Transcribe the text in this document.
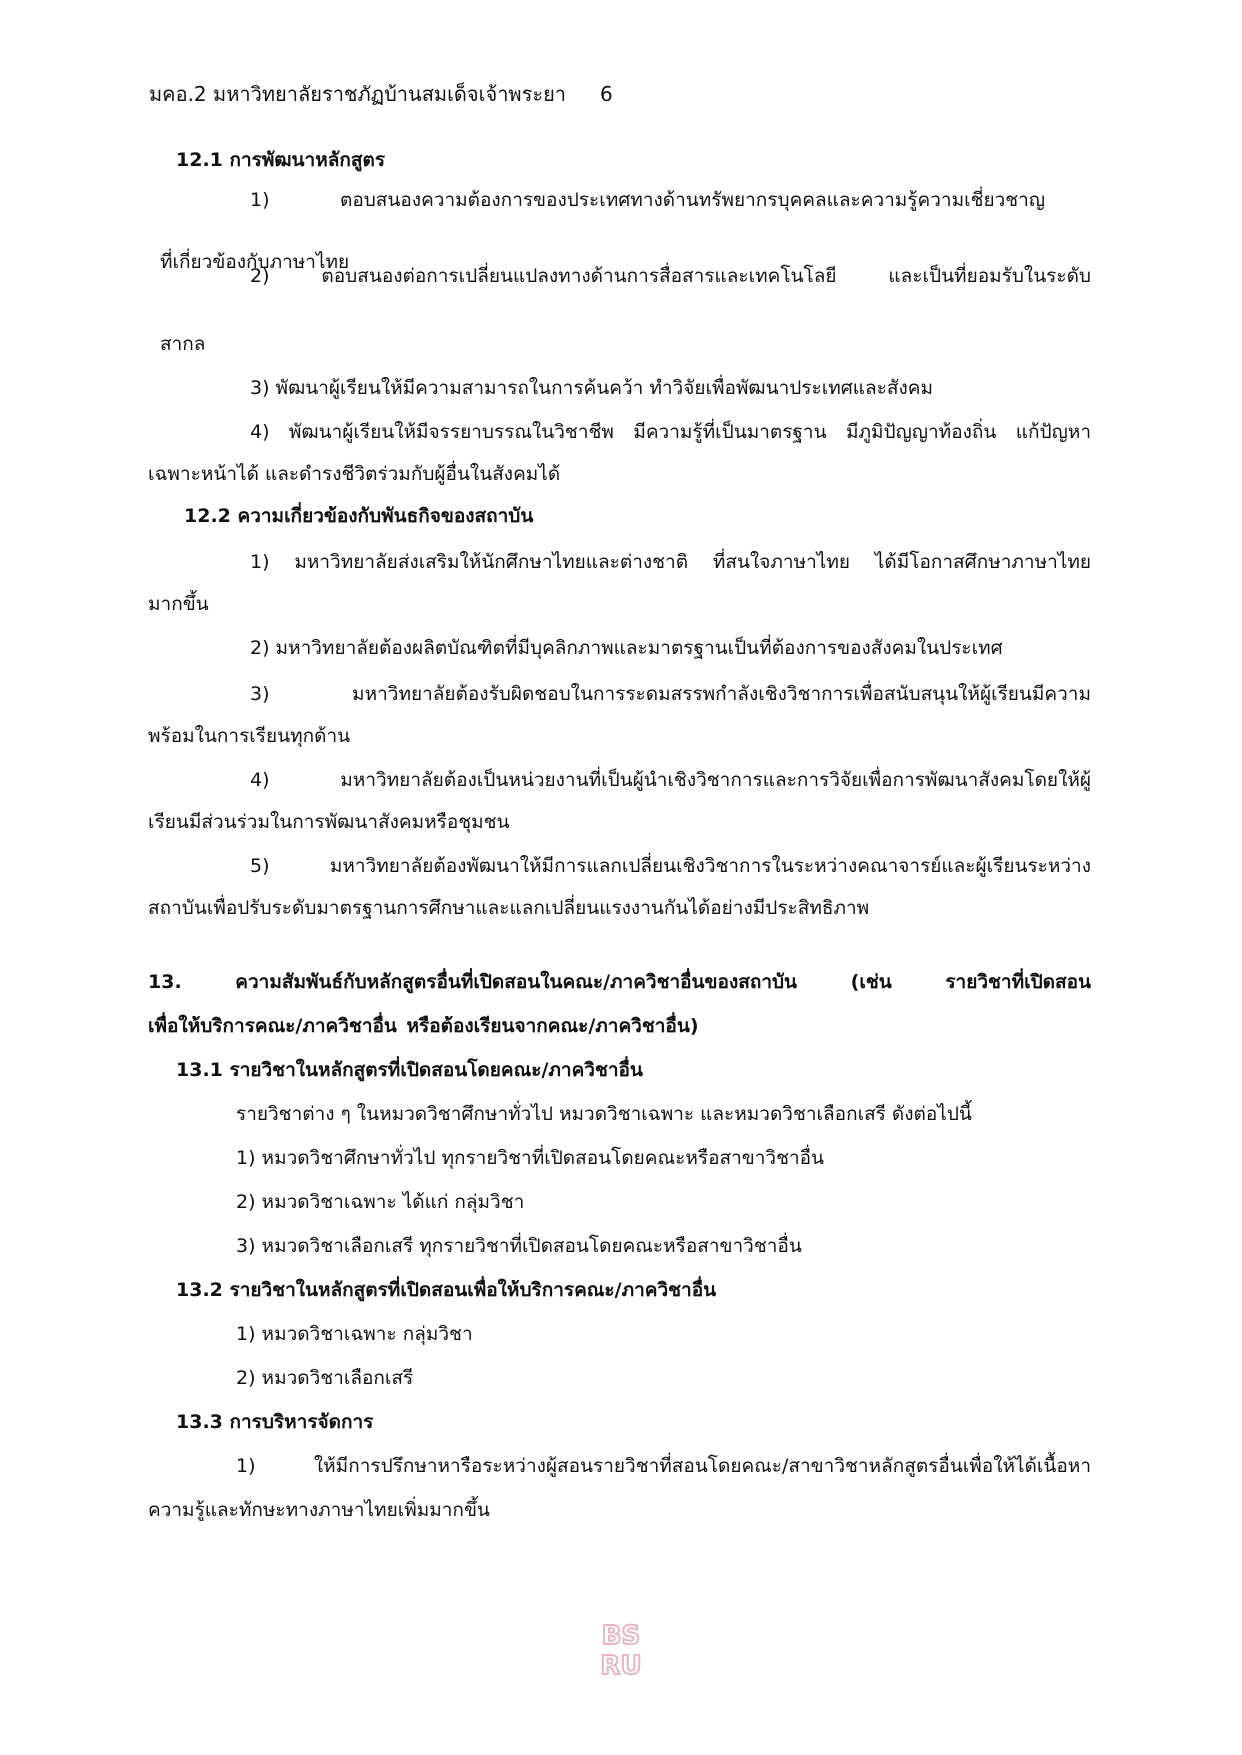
มคอ.2 มหาวิทยาลัยราชภัฏบ้านสมเด็จเจ้าพระยา 6
12.1 การพัฒนาหลักสูตร
1)	ตอบสนองความต้องการของประเทศทางด้านทรัพยากรบุคคลและความรู้ความเชี่ยวชาญ
ที่เกี่ยวข้องกับภาษาไทย
2) ตอบสนองต่อการเปลี่ยนแปลงทางด้านการสื่อสารและเทคโนโลยี และเป็นที่ยอมรับในระดับ
สากล
3) พัฒนาผู้เรียนให้มีความสามารถในการค้นคว้า ทำวิจัยเพื่อพัฒนาประเทศและสังคม
4) พัฒนาผู้เรียนให้มีจรรยาบรรณในวิชาชีพ มีความรู้ที่เป็นมาตรฐาน มีภูมิปัญญาท้องถิ่น แก้ปัญหา
เฉพาะหน้าได้ และดำรงชีวิตร่วมกับผู้อื่นในสังคมได้
12.2 ความเกี่ยวข้องกับพันธกิจของสถาบัน
1) มหาวิทยาลัยส่งเสริมให้นักศึกษาไทยและต่างชาติ ที่สนใจภาษาไทย ได้มีโอกาสศึกษาภาษาไทย
มากขึ้น
2) มหาวิทยาลัยต้องผลิตบัณฑิตที่มีบุคลิกภาพและมาตรฐานเป็นที่ต้องการของสังคมในประเทศ
3) มหาวิทยาลัยต้องรับผิดชอบในการระดมสรรพกำลังเชิงวิชาการเพื่อสนับสนุนให้ผู้เรียนมีความ
พร้อมในการเรียนทุกด้าน
4) มหาวิทยาลัยต้องเป็นหน่วยงานที่เป็นผู้นำเชิงวิชาการและการวิจัยเพื่อการพัฒนาสังคมโดยให้ผู้
เรียนมีส่วนร่วมในการพัฒนาสังคมหรือชุมชน
5) มหาวิทยาลัยต้องพัฒนาให้มีการแลกเปลี่ยนเชิงวิชาการในระหว่างคณาจารย์และผู้เรียนระหว่าง
สถาบันเพื่อปรับระดับมาตรฐานการศึกษาและแลกเปลี่ยนแรงงานกันได้อย่างมีประสิทธิภาพ
13. ความสัมพันธ์กับหลักสูตรอื่นที่เปิดสอนในคณะ/ภาควิชาอื่นของสถาบัน (เช่น รายวิชาที่เปิดสอน
เพื่อให้บริการคณะ/ภาควิชาอื่น หรือต้องเรียนจากคณะ/ภาควิชาอื่น)
13.1 รายวิชาในหลักสูตรที่เปิดสอนโดยคณะ/ภาควิชาอื่น
รายวิชาต่าง ๆ ในหมวดวิชาศึกษาทั่วไป หมวดวิชาเฉพาะ และหมวดวิชาเลือกเสรี ดังต่อไปนี้
1) หมวดวิชาศึกษาทั่วไป ทุกรายวิชาที่เปิดสอนโดยคณะหรือสาขาวิชาอื่น
2) หมวดวิชาเฉพาะ ได้แก่ กลุ่มวิชา
3) หมวดวิชาเลือกเสรี ทุกรายวิชาที่เปิดสอนโดยคณะหรือสาขาวิชาอื่น
13.2 รายวิชาในหลักสูตรที่เปิดสอนเพื่อให้บริการคณะ/ภาควิชาอื่น
1) หมวดวิชาเฉพาะ กลุ่มวิชา
2) หมวดวิชาเลือกเสรี
13.3 การบริหารจัดการ
1) ให้มีการปรึกษาหารือระหว่างผู้สอนรายวิชาที่สอนโดยคณะ/สาขาวิชาหลักสูตรอื่นเพื่อให้ได้เนื้อหา
ความรู้และทักษะทางภาษาไทยเพิ่มมากขึ้น
BS
RU
